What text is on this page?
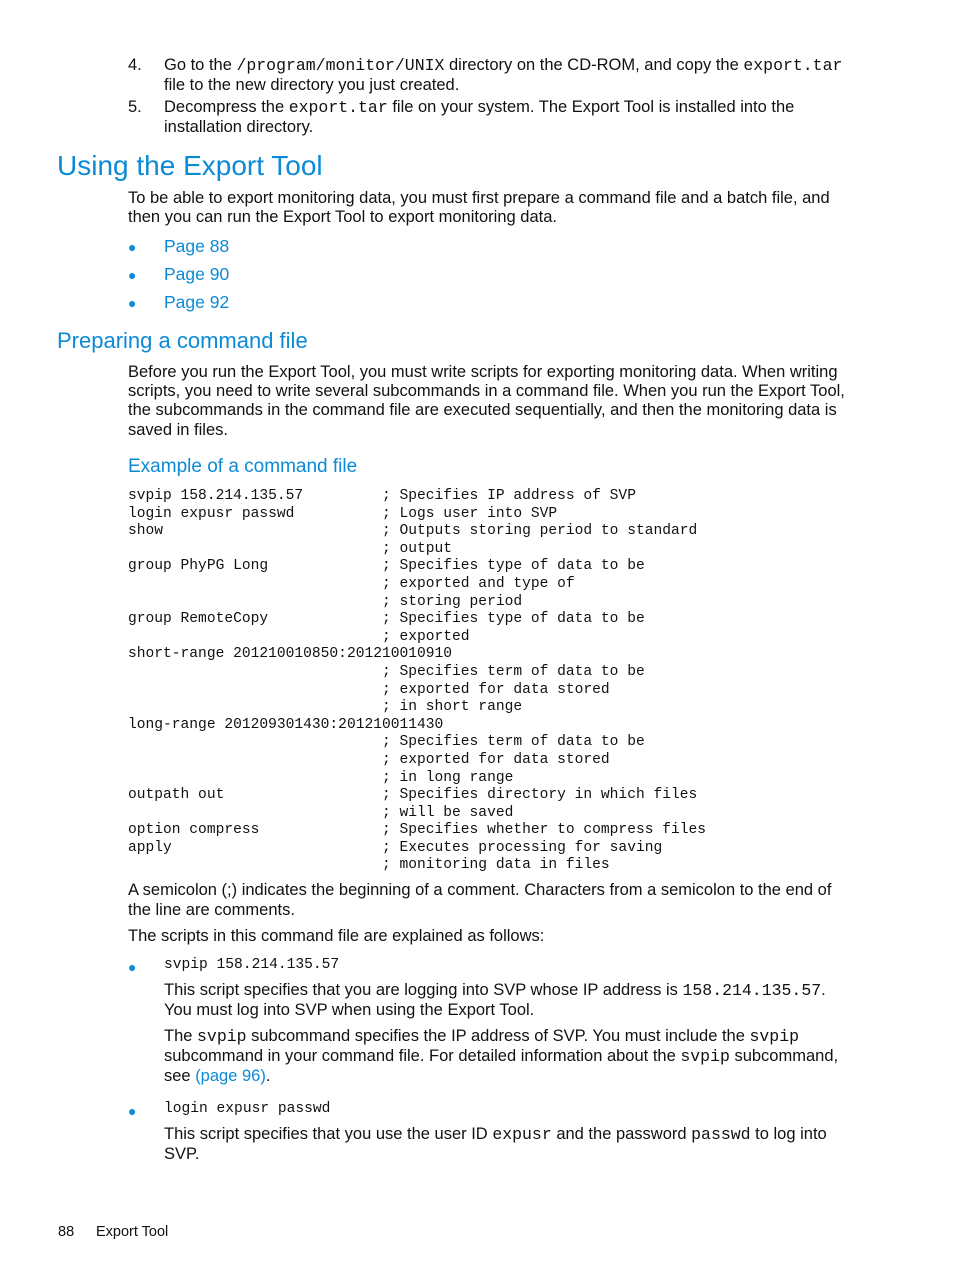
4. Go to the /program/monitor/UNIX directory on the CD-ROM, and copy the export.tar
file to the new directory you just created.
5. Decompress the export.tar file on your system. The Export Tool is installed into the
installation directory.
Using the Export Tool
To be able to export monitoring data, you must first prepare a command file and a batch file, and
then you can run the Export Tool to export monitoring data.
● Page 88
● Page 90
● Page 92
Preparing a command file
Before you run the Export Tool, you must write scripts for exporting monitoring data. When writing
scripts, you need to write several subcommands in a command file. When you run the Export Tool,
the subcommands in the command file are executed sequentially, and then the monitoring data is
saved in files.
Example of a command file
svpip 158.214.135.57         ; Specifies IP address of SVP
login expusr passwd          ; Logs user into SVP
show                         ; Outputs storing period to standard
; output
group PhyPG Long             ; Specifies type of data to be
; exported and type of
; storing period
group RemoteCopy             ; Specifies type of data to be
; exported
short-range 201210010850:201210010910
; Specifies term of data to be
; exported for data stored
; in short range
long-range 201209301430:201210011430
; Specifies term of data to be
; exported for data stored
; in long range
outpath out                  ; Specifies directory in which files
; will be saved
option compress              ; Specifies whether to compress files
apply                        ; Executes processing for saving
; monitoring data in files
A semicolon (;) indicates the beginning of a comment. Characters from a semicolon to the end of
the line are comments.
The scripts in this command file are explained as follows:
● svpip 158.214.135.57
This script specifies that you are logging into SVP whose IP address is 158.214.135.57.
You must log into SVP when using the Export Tool.
The svpip subcommand specifies the IP address of SVP. You must include the svpip
subcommand in your command file. For detailed information about the svpip subcommand,
see (page 96).
● login expusr passwd
This script specifies that you use the user ID expusr and the password passwd to log into
SVP.
88 Export Tool
